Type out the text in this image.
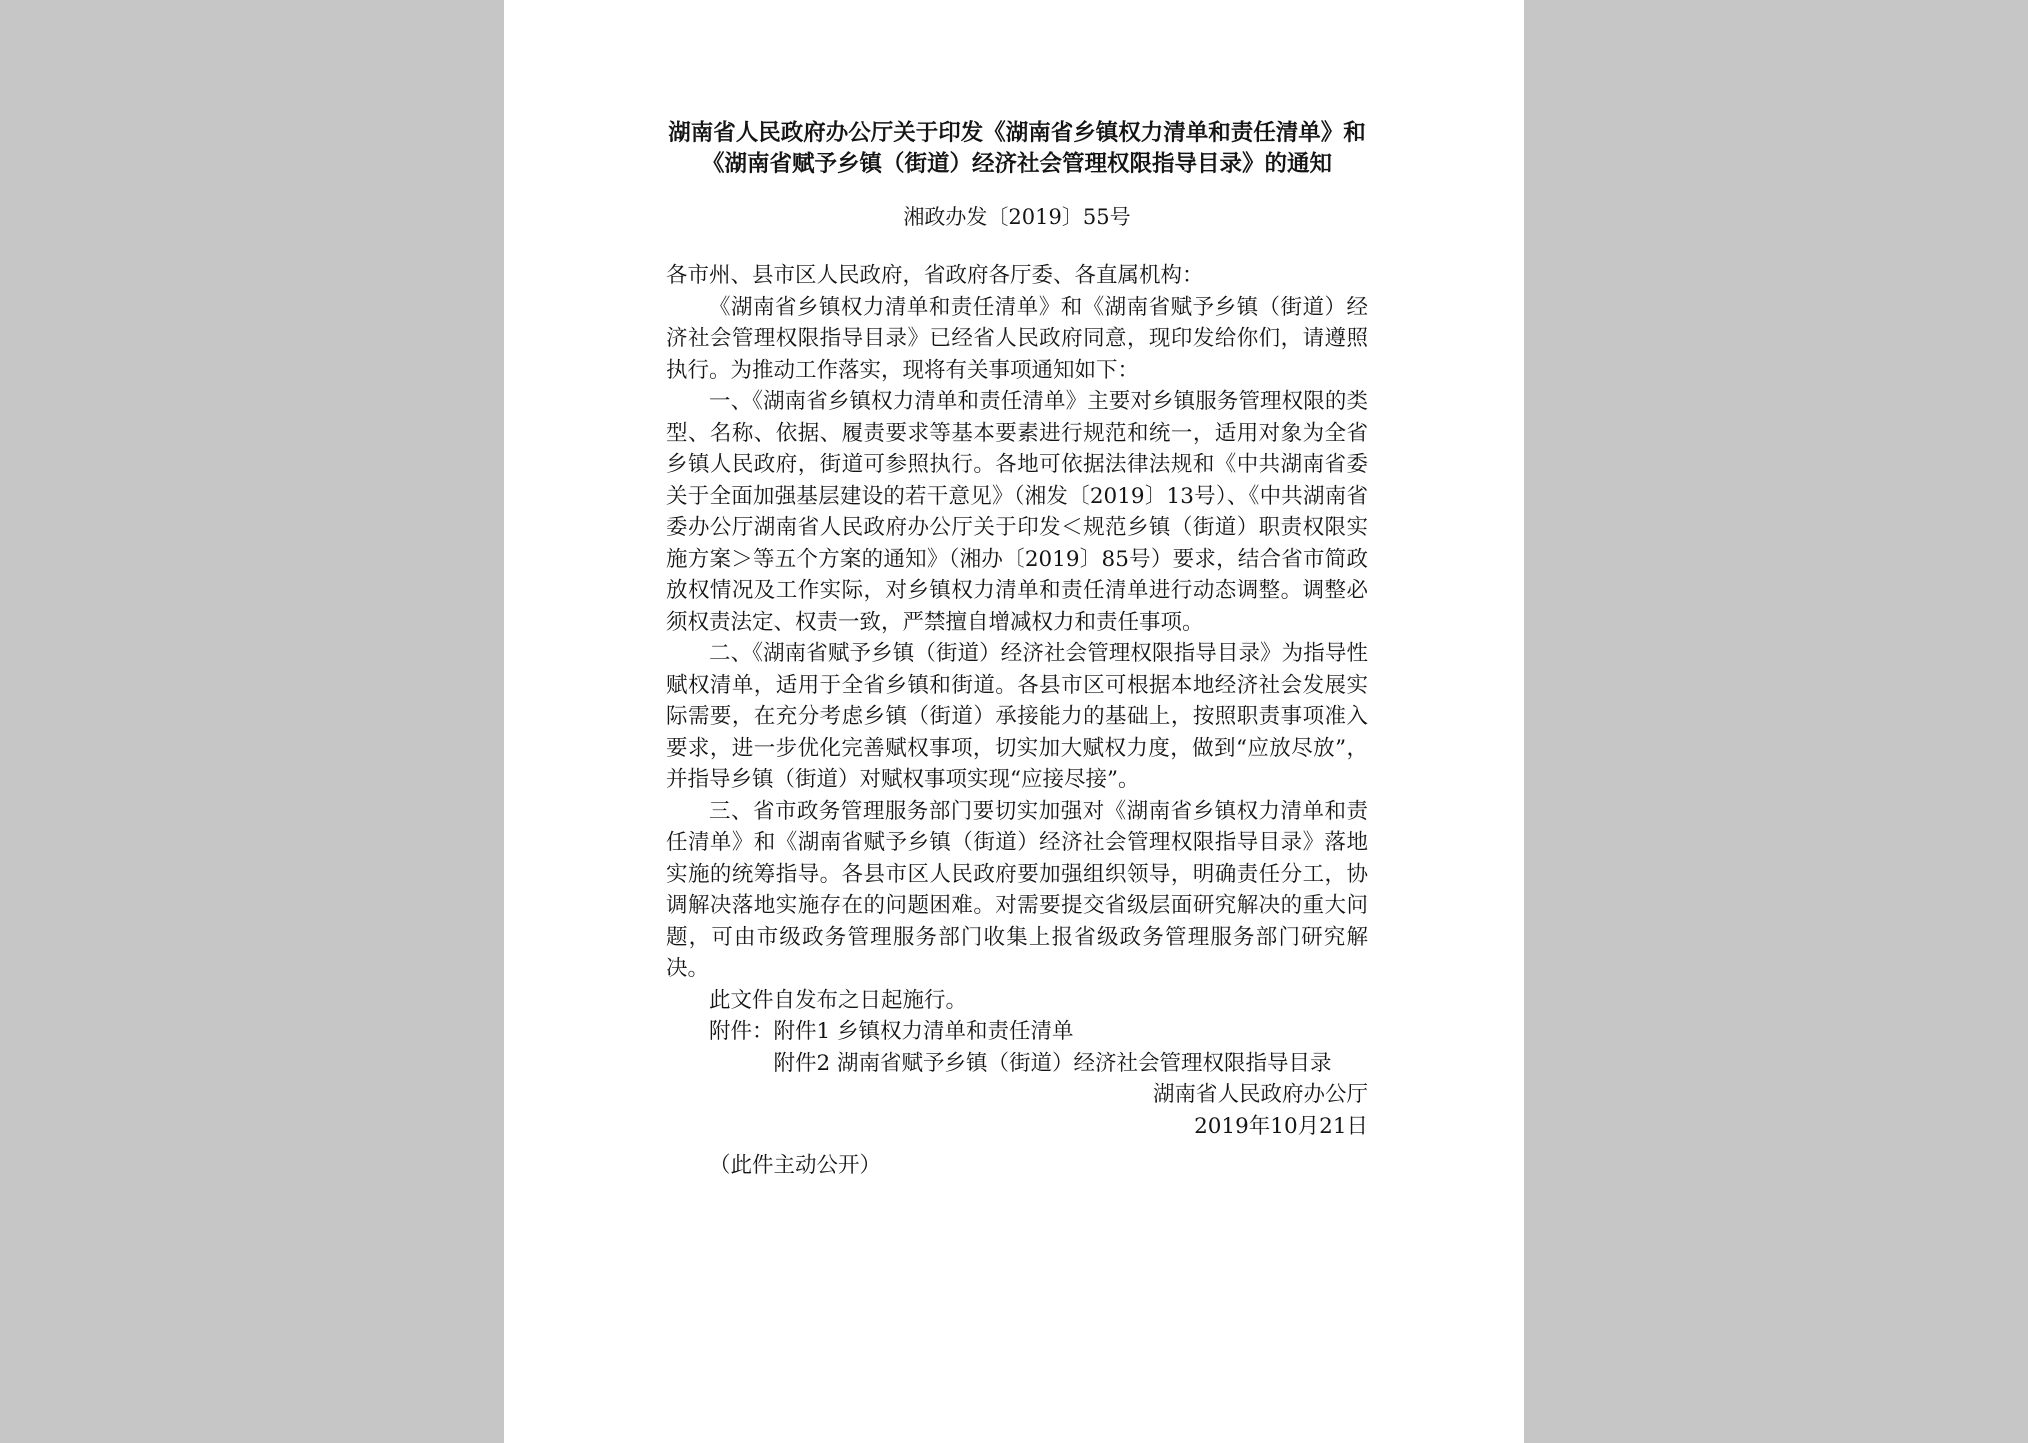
湖南省人民政府办公厅关于印发《湖南省乡镇权力清单和责任清单》和《湖南省赋予乡镇（街道）经济社会管理权限指导目录》的通知
湘政办发〔2019〕55号

各市州、县市区人民政府，省政府各厅委、各直属机构：

《湖南省乡镇权力清单和责任清单》和《湖南省赋予乡镇（街道）经济社会管理权限指导目录》已经省人民政府同意，现印发给你们，请遵照执行。为推动工作落实，现将有关事项通知如下：

一、《湖南省乡镇权力清单和责任清单》主要对乡镇服务管理权限的类型、名称、依据、履责要求等基本要素进行规范和统一，适用对象为全省乡镇人民政府，街道可参照执行。各地可依据法律法规和《中共湖南省委关于全面加强基层建设的若干意见》（湘发〔2019〕13号）、《中共湖南省委办公厅湖南省人民政府办公厅关于印发＜规范乡镇（街道）职责权限实施方案＞等五个方案的通知》（湘办〔2019〕85号）要求，结合省市简政放权情况及工作实际，对乡镇权力清单和责任清单进行动态调整。调整必须权责法定、权责一致，严禁擅自增减权力和责任事项。

二、《湖南省赋予乡镇（街道）经济社会管理权限指导目录》为指导性赋权清单，适用于全省乡镇和街道。各县市区可根据本地经济社会发展实际需要，在充分考虑乡镇（街道）承接能力的基础上，按照职责事项准入要求，进一步优化完善赋权事项，切实加大赋权力度，做到“应放尽放”，并指导乡镇（街道）对赋权事项实现“应接尽接”。

三、省市政务管理服务部门要切实加强对《湖南省乡镇权力清单和责任清单》和《湖南省赋予乡镇（街道）经济社会管理权限指导目录》落地实施的统筹指导。各县市区人民政府要加强组织领导，明确责任分工，协调解决落地实施存在的问题困难。对需要提交省级层面研究解决的重大问题，可由市级政务管理服务部门收集上报省级政务管理服务部门研究解决。

此文件自发布之日起施行。

附件： 附件1 乡镇权力清单和责任清单
附件2 湖南省赋予乡镇（街道）经济社会管理权限指导目录
湖南省人民政府办公厅
2019年10月21日
（此件主动公开）
